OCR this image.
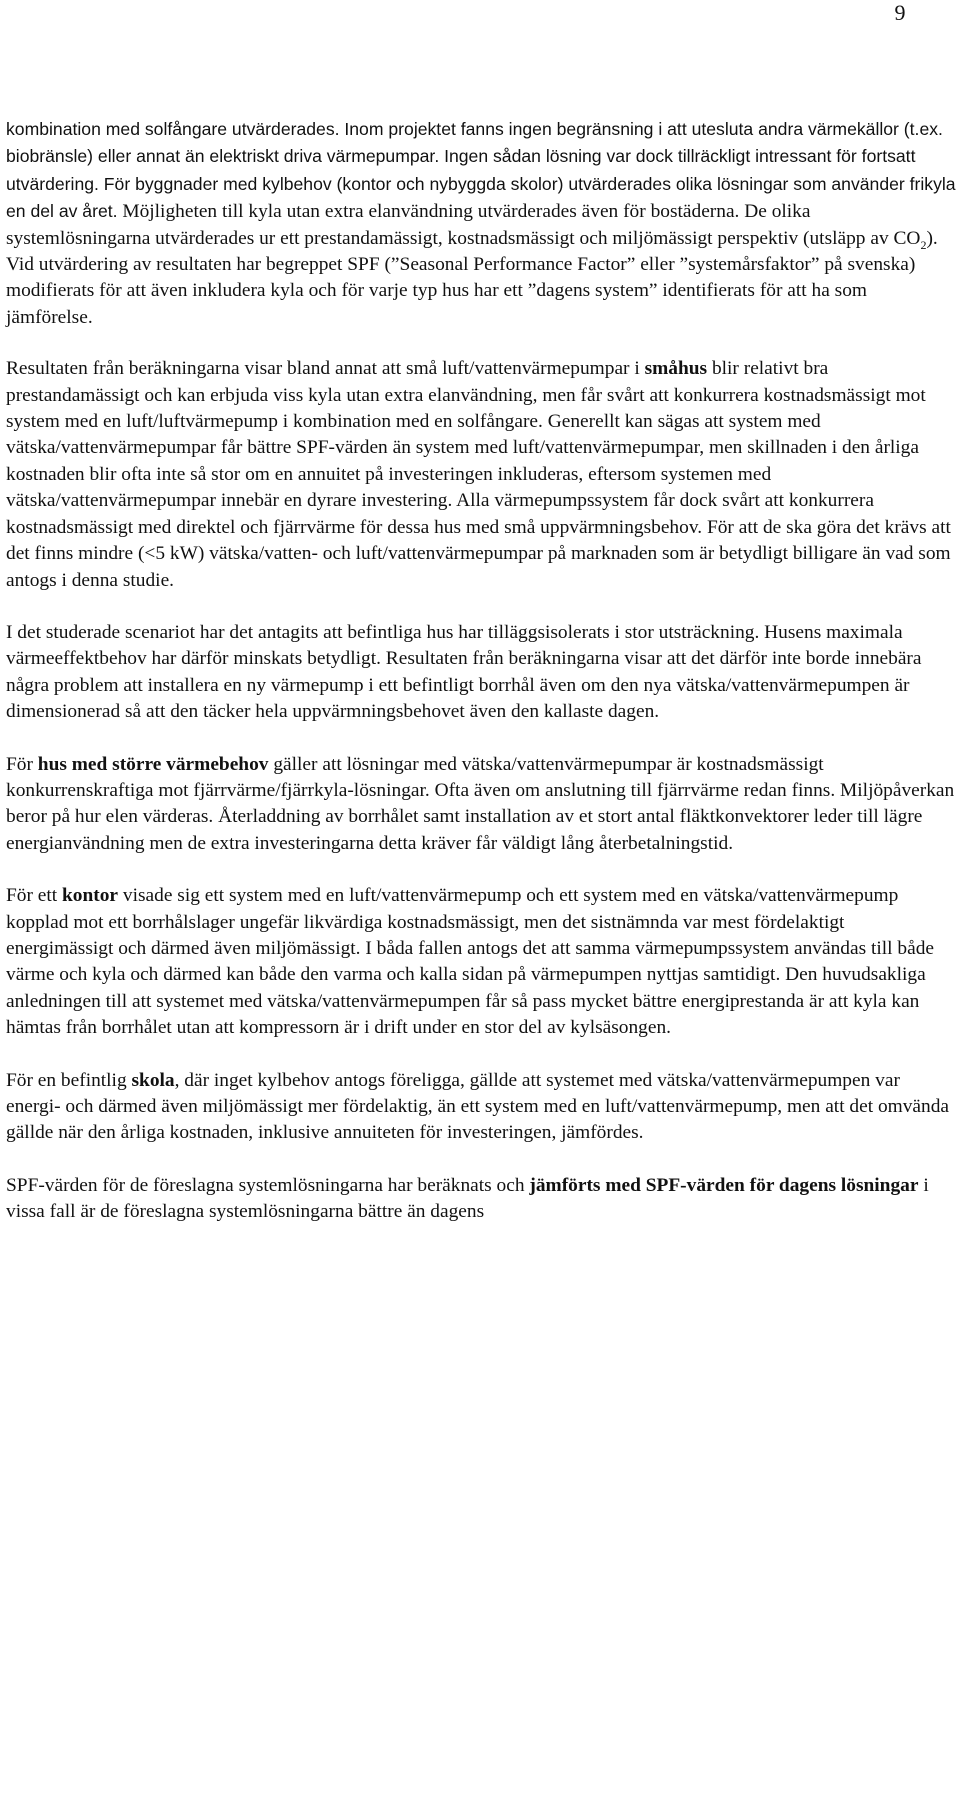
9

kombination med solfångare utvärderades. Inom projektet fanns ingen begränsning i att utesluta andra värmekällor (t.ex. biobränsle) eller annat än elektriskt driva värmepumpar. Ingen sådan lösning var dock tillräckligt intressant för fortsatt utvärdering. För byggnader med kylbehov (kontor och nybyggda skolor) utvärderades olika lösningar som använder frikyla en del av året. Möjligheten till kyla utan extra elanvändning utvärderades även för bostäderna. De olika systemlösningarna utvärderades ur ett prestandamässigt, kostnadsmässigt och miljömässigt perspektiv (utsläpp av $CO_2$). Vid utvärdering av resultaten har begreppet SPF (”Seasonal Performance Factor” eller ”systemårsfaktor” på svenska) modifierats för att även inkludera kyla och för varje typ hus har ett ”dagens system” identifierats för att ha som jämförelse.

Resultaten från beräkningarna visar bland annat att små luft/vattenvärmepumpar i småhus blir relativt bra prestandamässigt och kan erbjuda viss kyla utan extra elanvändning, men får svårt att konkurrera kostnadsmässigt mot system med en luft/luftvärmepump i kombination med en solfångare. Generellt kan sägas att system med vätska/vattenvärmepumpar får bättre SPF-värden än system med luft/vattenvärmepumpar, men skillnaden i den årliga kostnaden blir ofta inte så stor om en annuitet på investeringen inkluderas, eftersom systemen med vätska/vattenvärmepumpar innebär en dyrare investering. Alla värmepumpssystem får dock svårt att konkurrera kostnadsmässigt med direktel och fjärrvärme för dessa hus med små uppvärmningsbehov. För att de ska göra det krävs att det finns mindre (<5 kW) vätska/vatten- och luft/vattenvärmepumpar på marknaden som är betydligt billigare än vad som antogs i denna studie.

I det studerade scenariot har det antagits att befintliga hus har tilläggsisolerats i stor utsträckning. Husens maximala värmeeffektbehov har därför minskats betydligt. Resultaten från beräkningarna visar att det därför inte borde innebära några problem att installera en ny värmepump i ett befintligt borrhål även om den nya vätska/vattenvärmepumpen är dimensionerad så att den täcker hela uppvärmningsbehovet även den kallaste dagen.

För hus med större värmebehov gäller att lösningar med vätska/vattenvärmepumpar är kostnadsmässigt konkurrenskraftiga mot fjärrvärme/fjärrkyla-lösningar. Ofta även om anslutning till fjärrvärme redan finns. Miljöpåverkan beror på hur elen värderas. Återladdning av borrhålet samt installation av et stort antal fläktkonvektorer leder till lägre energianvändning men de extra investeringarna detta kräver får väldigt lång återbetalningstid.

För ett kontor visade sig ett system med en luft/vattenvärmepump och ett system med en vätska/vattenvärmepump kopplad mot ett borrhålslager ungefär likvärdiga kostnadsmässigt, men det sistnämnda var mest fördelaktigt energimässigt och därmed även miljömässigt. I båda fallen antogs det att samma värmepumpssystem användas till både värme och kyla och därmed kan både den varma och kalla sidan på värmepumpen nyttjas samtidigt. Den huvudsakliga anledningen till att systemet med vätska/vattenvärmepumpen får så pass mycket bättre energiprestanda är att kyla kan hämtas från borrhålet utan att kompressorn är i drift under en stor del av kylsäsongen.

För en befintlig skola, där inget kylbehov antogs föreligga, gällde att systemet med vätska/vattenvärmepumpen var energi- och därmed även miljömässigt mer fördelaktig, än ett system med en luft/vattenvärmepump, men att det omvända gällde när den årliga kostnaden, inklusive annuiteten för investeringen, jämfördes.

SPF-värden för de föreslagna systemlösningarna har beräknats och jämförts med SPF-värden för dagens lösningar i vissa fall är de föreslagna systemlösningarna bättre än dagens
